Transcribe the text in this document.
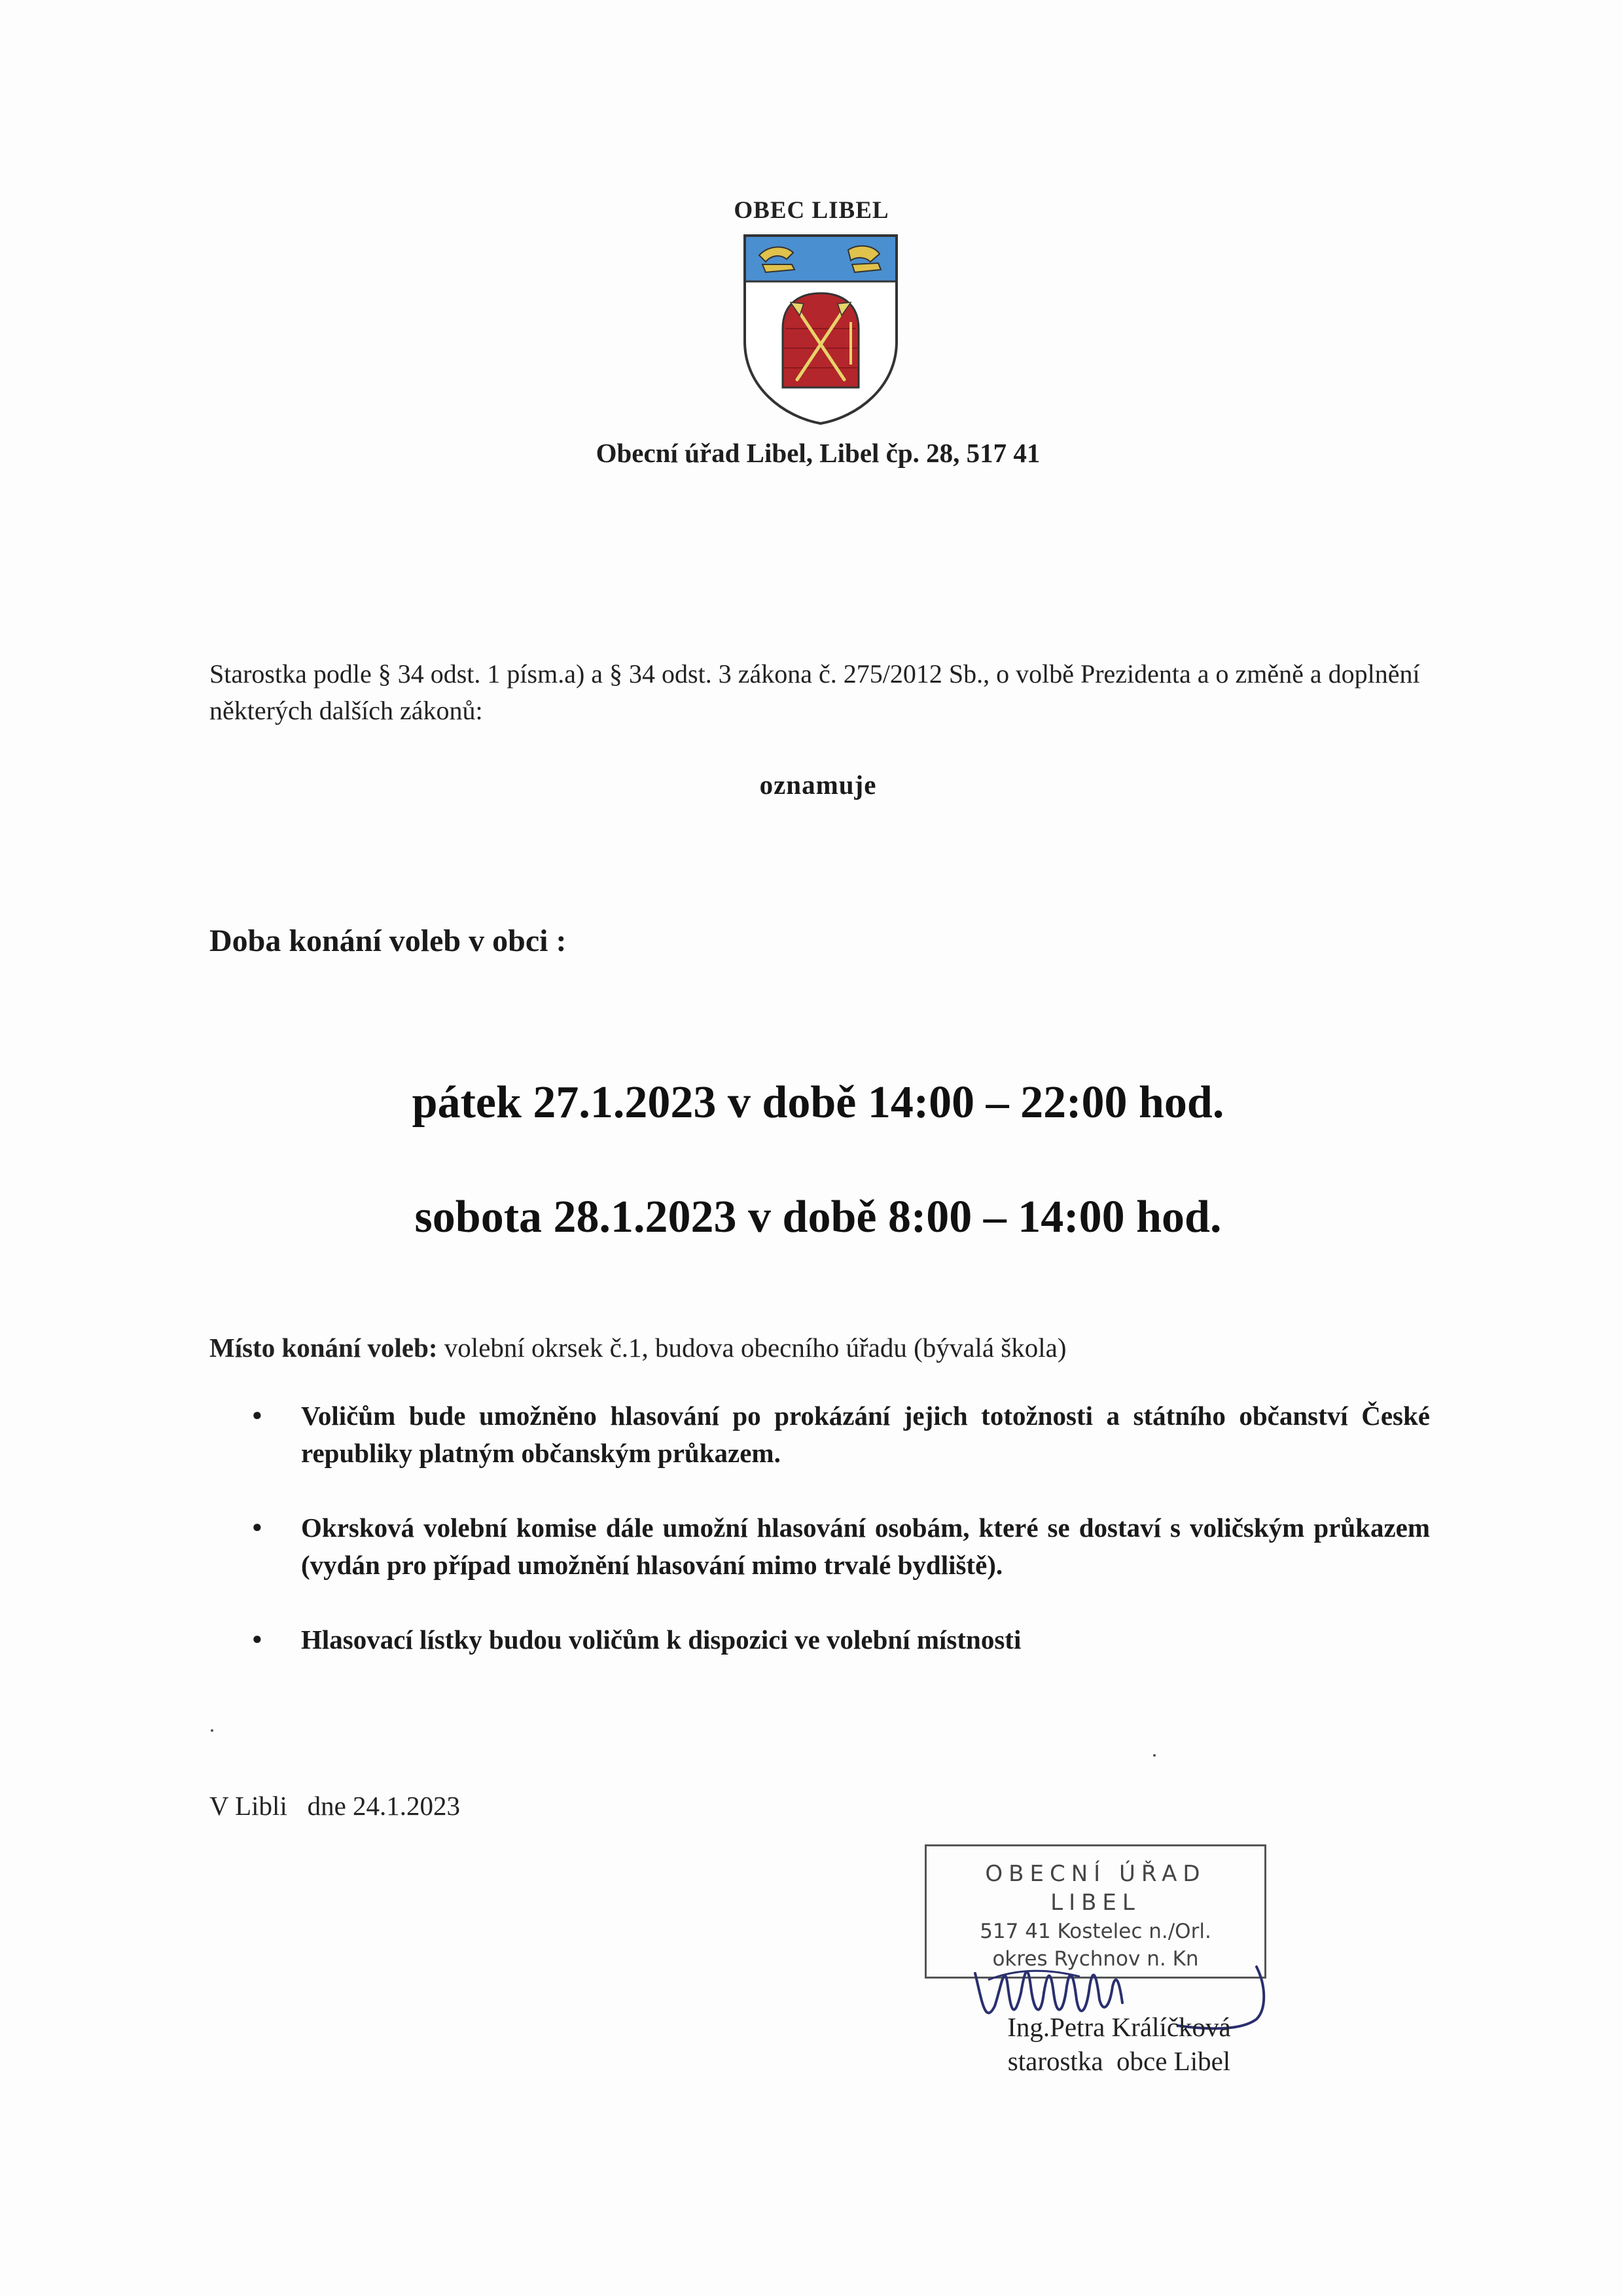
OBEC LIBEL
Obecní úřad Libel, Libel čp. 28, 517 41
Starostka podle § 34 odst. 1 písm.a) a § 34 odst. 3 zákona č. 275/2012 Sb., o volbě Prezidenta a o změně a doplnění některých dalších zákonů:
oznamuje
Doba konání voleb v obci :
pátek 27.1.2023 v době 14:00 – 22:00 hod.
sobota 28.1.2023 v době 8:00 – 14:00 hod.
Místo konání voleb: volební okrsek č.1, budova obecního úřadu (bývalá škola)
● Voličům bude umožněno hlasování po prokázání jejich totožnosti a státního občanství České republiky platným občanským průkazem.
● Okrsková volební komise dále umožní hlasování osobám, které se dostaví s voličským průkazem (vydán pro případ umožnění hlasování mimo trvalé bydliště).
● Hlasovací lístky budou voličům k dispozici ve volební místnosti
V Libli   dne 24.1.2023
OBECNÍ ÚŘAD
LIBEL
517 41 Kostelec n./Orl.
okres Rychnov n. Kn
Ing.Petra Králíčková
starostka  obce Libel
